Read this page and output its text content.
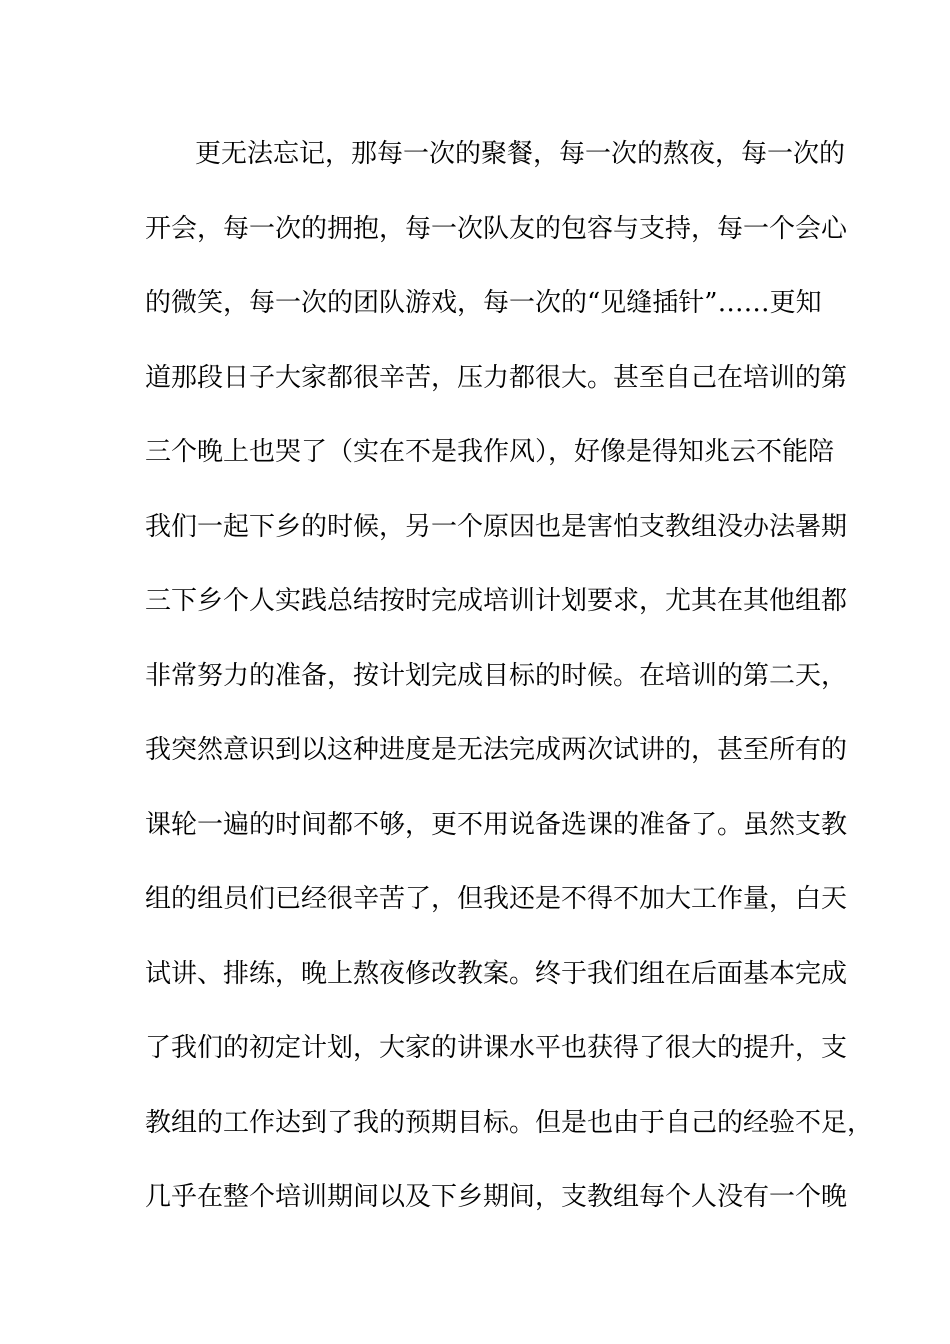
更无法忘记，那每一次的聚餐，每一次的熬夜，每一次的
开会，每一次的拥抱，每一次队友的包容与支持，每一个会心
的微笑，每一次的团队游戏，每一次的“见缝插针”……更知
道那段日子大家都很辛苦，压力都很大。甚至自己在培训的第
三个晚上也哭了（实在不是我作风），好像是得知兆云不能陪
我们一起下乡的时候，另一个原因也是害怕支教组没办法暑期
三下乡个人实践总结按时完成培训计划要求，尤其在其他组都
非常努力的准备，按计划完成目标的时候。在培训的第二天，
我突然意识到以这种进度是无法完成两次试讲的，甚至所有的
课轮一遍的时间都不够，更不用说备选课的准备了。虽然支教
组的组员们已经很辛苦了，但我还是不得不加大工作量，白天
试讲、排练，晚上熬夜修改教案。终于我们组在后面基本完成
了我们的初定计划，大家的讲课水平也获得了很大的提升，支
教组的工作达到了我的预期目标。但是也由于自己的经验不足，
几乎在整个培训期间以及下乡期间，支教组每个人没有一个晚
